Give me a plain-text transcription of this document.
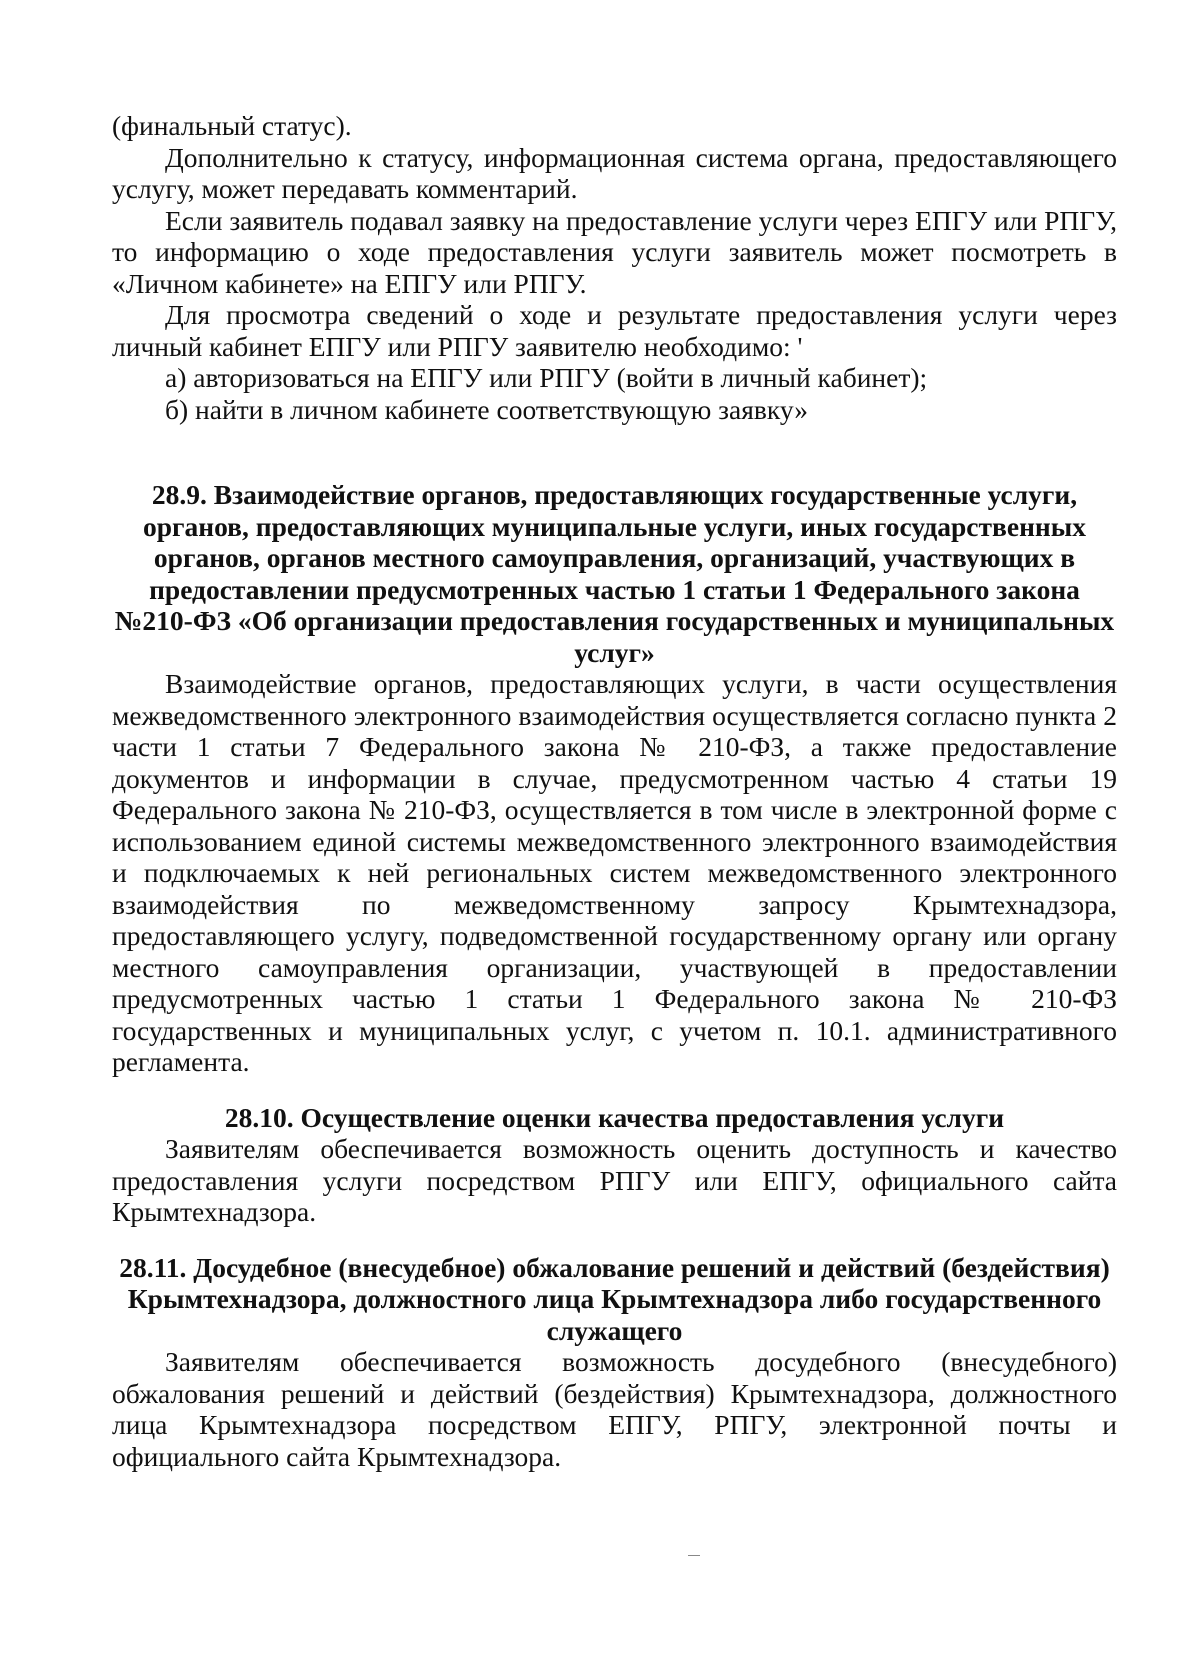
(финальный статус).

Дополнительно к статусу, информационная система органа, предоставляющего услугу, может передавать комментарий.

Если заявитель подавал заявку на предоставление услуги через ЕПГУ или РПГУ, то информацию о ходе предоставления услуги заявитель может посмотреть в «Личном кабинете» на ЕПГУ или РПГУ.

Для просмотра сведений о ходе и результате предоставления услуги через личный кабинет ЕПГУ или РПГУ заявителю необходимо: '

а) авторизоваться на ЕПГУ или РПГУ (войти в личный кабинет);

б) найти в личном кабинете соответствующую заявку»

28.9. Взаимодействие органов, предоставляющих государственные услуги, органов, предоставляющих муниципальные услуги, иных государственных органов, органов местного самоуправления, организаций, участвующих в предоставлении предусмотренных частью 1 статьи 1 Федерального закона №210-ФЗ «Об организации предоставления государственных и муниципальных услуг»

Взаимодействие органов, предоставляющих услуги, в части осуществления межведомственного электронного взаимодействия осуществляется согласно пункта 2 части 1 статьи 7 Федерального закона № 210-ФЗ, а также предоставление документов и информации в случае, предусмотренном частью 4 статьи 19 Федерального закона № 210-ФЗ, осуществляется в том числе в электронной форме с использованием единой системы межведомственного электронного взаимодействия и подключаемых к ней региональных систем межведомственного электронного взаимодействия по межведомственному запросу Крымтехнадзора, предоставляющего услугу, подведомственной государственному органу или органу местного самоуправления организации, участвующей в предоставлении предусмотренных частью 1 статьи 1 Федерального закона № 210-ФЗ государственных и муниципальных услуг, с учетом п. 10.1. административного регламента.

28.10. Осуществление оценки качества предоставления услуги

Заявителям обеспечивается возможность оценить доступность и качество предоставления услуги посредством РПГУ или ЕПГУ, официального сайта Крымтехнадзора.

28.11. Досудебное (внесудебное) обжалование решений и действий (бездействия) Крымтехнадзора, должностного лица Крымтехнадзора либо государственного служащего

Заявителям обеспечивается возможность досудебного (внесудебного) обжалования решений и действий (бездействия) Крымтехнадзора, должностного лица Крымтехнадзора посредством ЕПГУ, РПГУ, электронной почты и официального сайта Крымтехнадзора.
